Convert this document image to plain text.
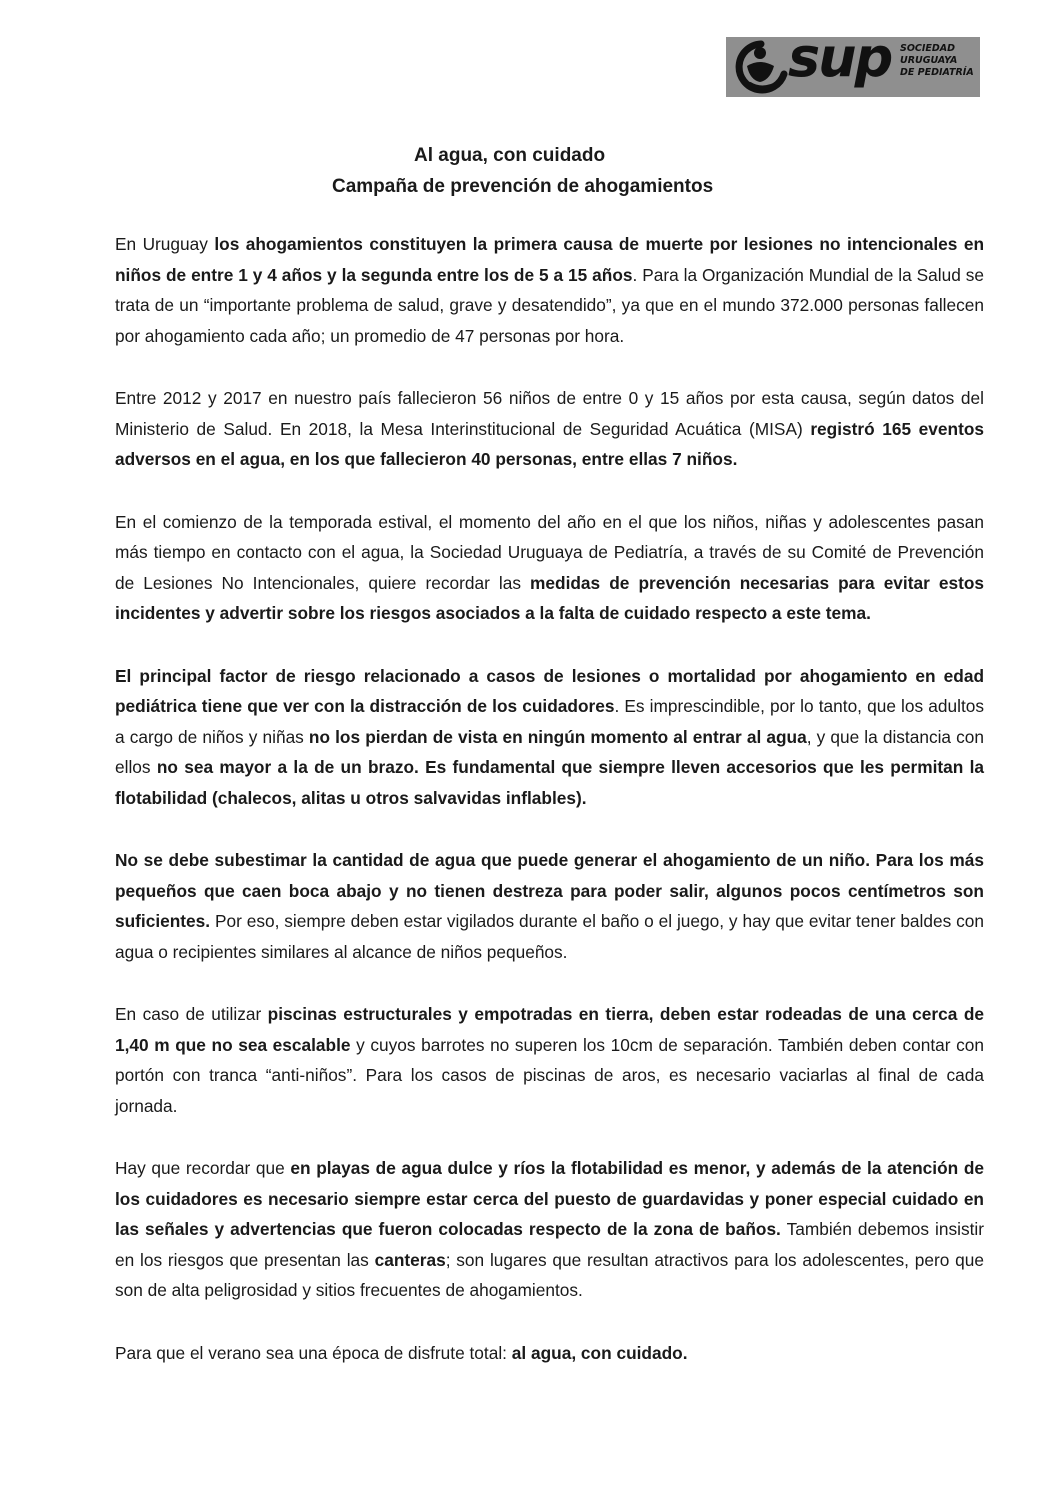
sup SOCIEDAD
URUGUAYA
DE PEDIATRÍA
Al agua, con cuidado
Campaña de prevención de ahogamientos

En Uruguay los ahogamientos constituyen la primera causa de muerte por lesiones no intencionales en niños de entre 1 y 4 años y la segunda entre los de 5 a 15 años. Para la Organización Mundial de la Salud se trata de un “importante problema de salud, grave y desatendido”, ya que en el mundo 372.000 personas fallecen por ahogamiento cada año; un promedio de 47 personas por hora.

Entre 2012 y 2017 en nuestro país fallecieron 56 niños de entre 0 y 15 años por esta causa, según datos del Ministerio de Salud. En 2018, la Mesa Interinstitucional de Seguridad Acuática (MISA) registró 165 eventos adversos en el agua, en los que fallecieron 40 personas, entre ellas 7 niños.

En el comienzo de la temporada estival, el momento del año en el que los niños, niñas y adolescentes pasan más tiempo en contacto con el agua, la Sociedad Uruguaya de Pediatría, a través de su Comité de Prevención de Lesiones No Intencionales, quiere recordar las medidas de prevención necesarias para evitar estos incidentes y advertir sobre los riesgos asociados a la falta de cuidado respecto a este tema.

El principal factor de riesgo relacionado a casos de lesiones o mortalidad por ahogamiento en edad pediátrica tiene que ver con la distracción de los cuidadores. Es imprescindible, por lo tanto, que los adultos a cargo de niños y niñas no los pierdan de vista en ningún momento al entrar al agua, y que la distancia con ellos no sea mayor a la de un brazo. Es fundamental que siempre lleven accesorios que les permitan la flotabilidad (chalecos, alitas u otros salvavidas inflables).

No se debe subestimar la cantidad de agua que puede generar el ahogamiento de un niño. Para los más pequeños que caen boca abajo y no tienen destreza para poder salir, algunos pocos centímetros son suficientes. Por eso, siempre deben estar vigilados durante el baño o el juego, y hay que evitar tener baldes con agua o recipientes similares al alcance de niños pequeños.

En caso de utilizar piscinas estructurales y empotradas en tierra, deben estar rodeadas de una cerca de 1,40 m que no sea escalable y cuyos barrotes no superen los 10cm de separación. También deben contar con portón con tranca “anti-niños”. Para los casos de piscinas de aros, es necesario vaciarlas al final de cada jornada.

Hay que recordar que en playas de agua dulce y ríos la flotabilidad es menor, y además de la atención de los cuidadores es necesario siempre estar cerca del puesto de guardavidas y poner especial cuidado en las señales y advertencias que fueron colocadas respecto de la zona de baños. También debemos insistir en los riesgos que presentan las canteras; son lugares que resultan atractivos para los adolescentes, pero que son de alta peligrosidad y sitios frecuentes de ahogamientos.

Para que el verano sea una época de disfrute total: al agua, con cuidado.
